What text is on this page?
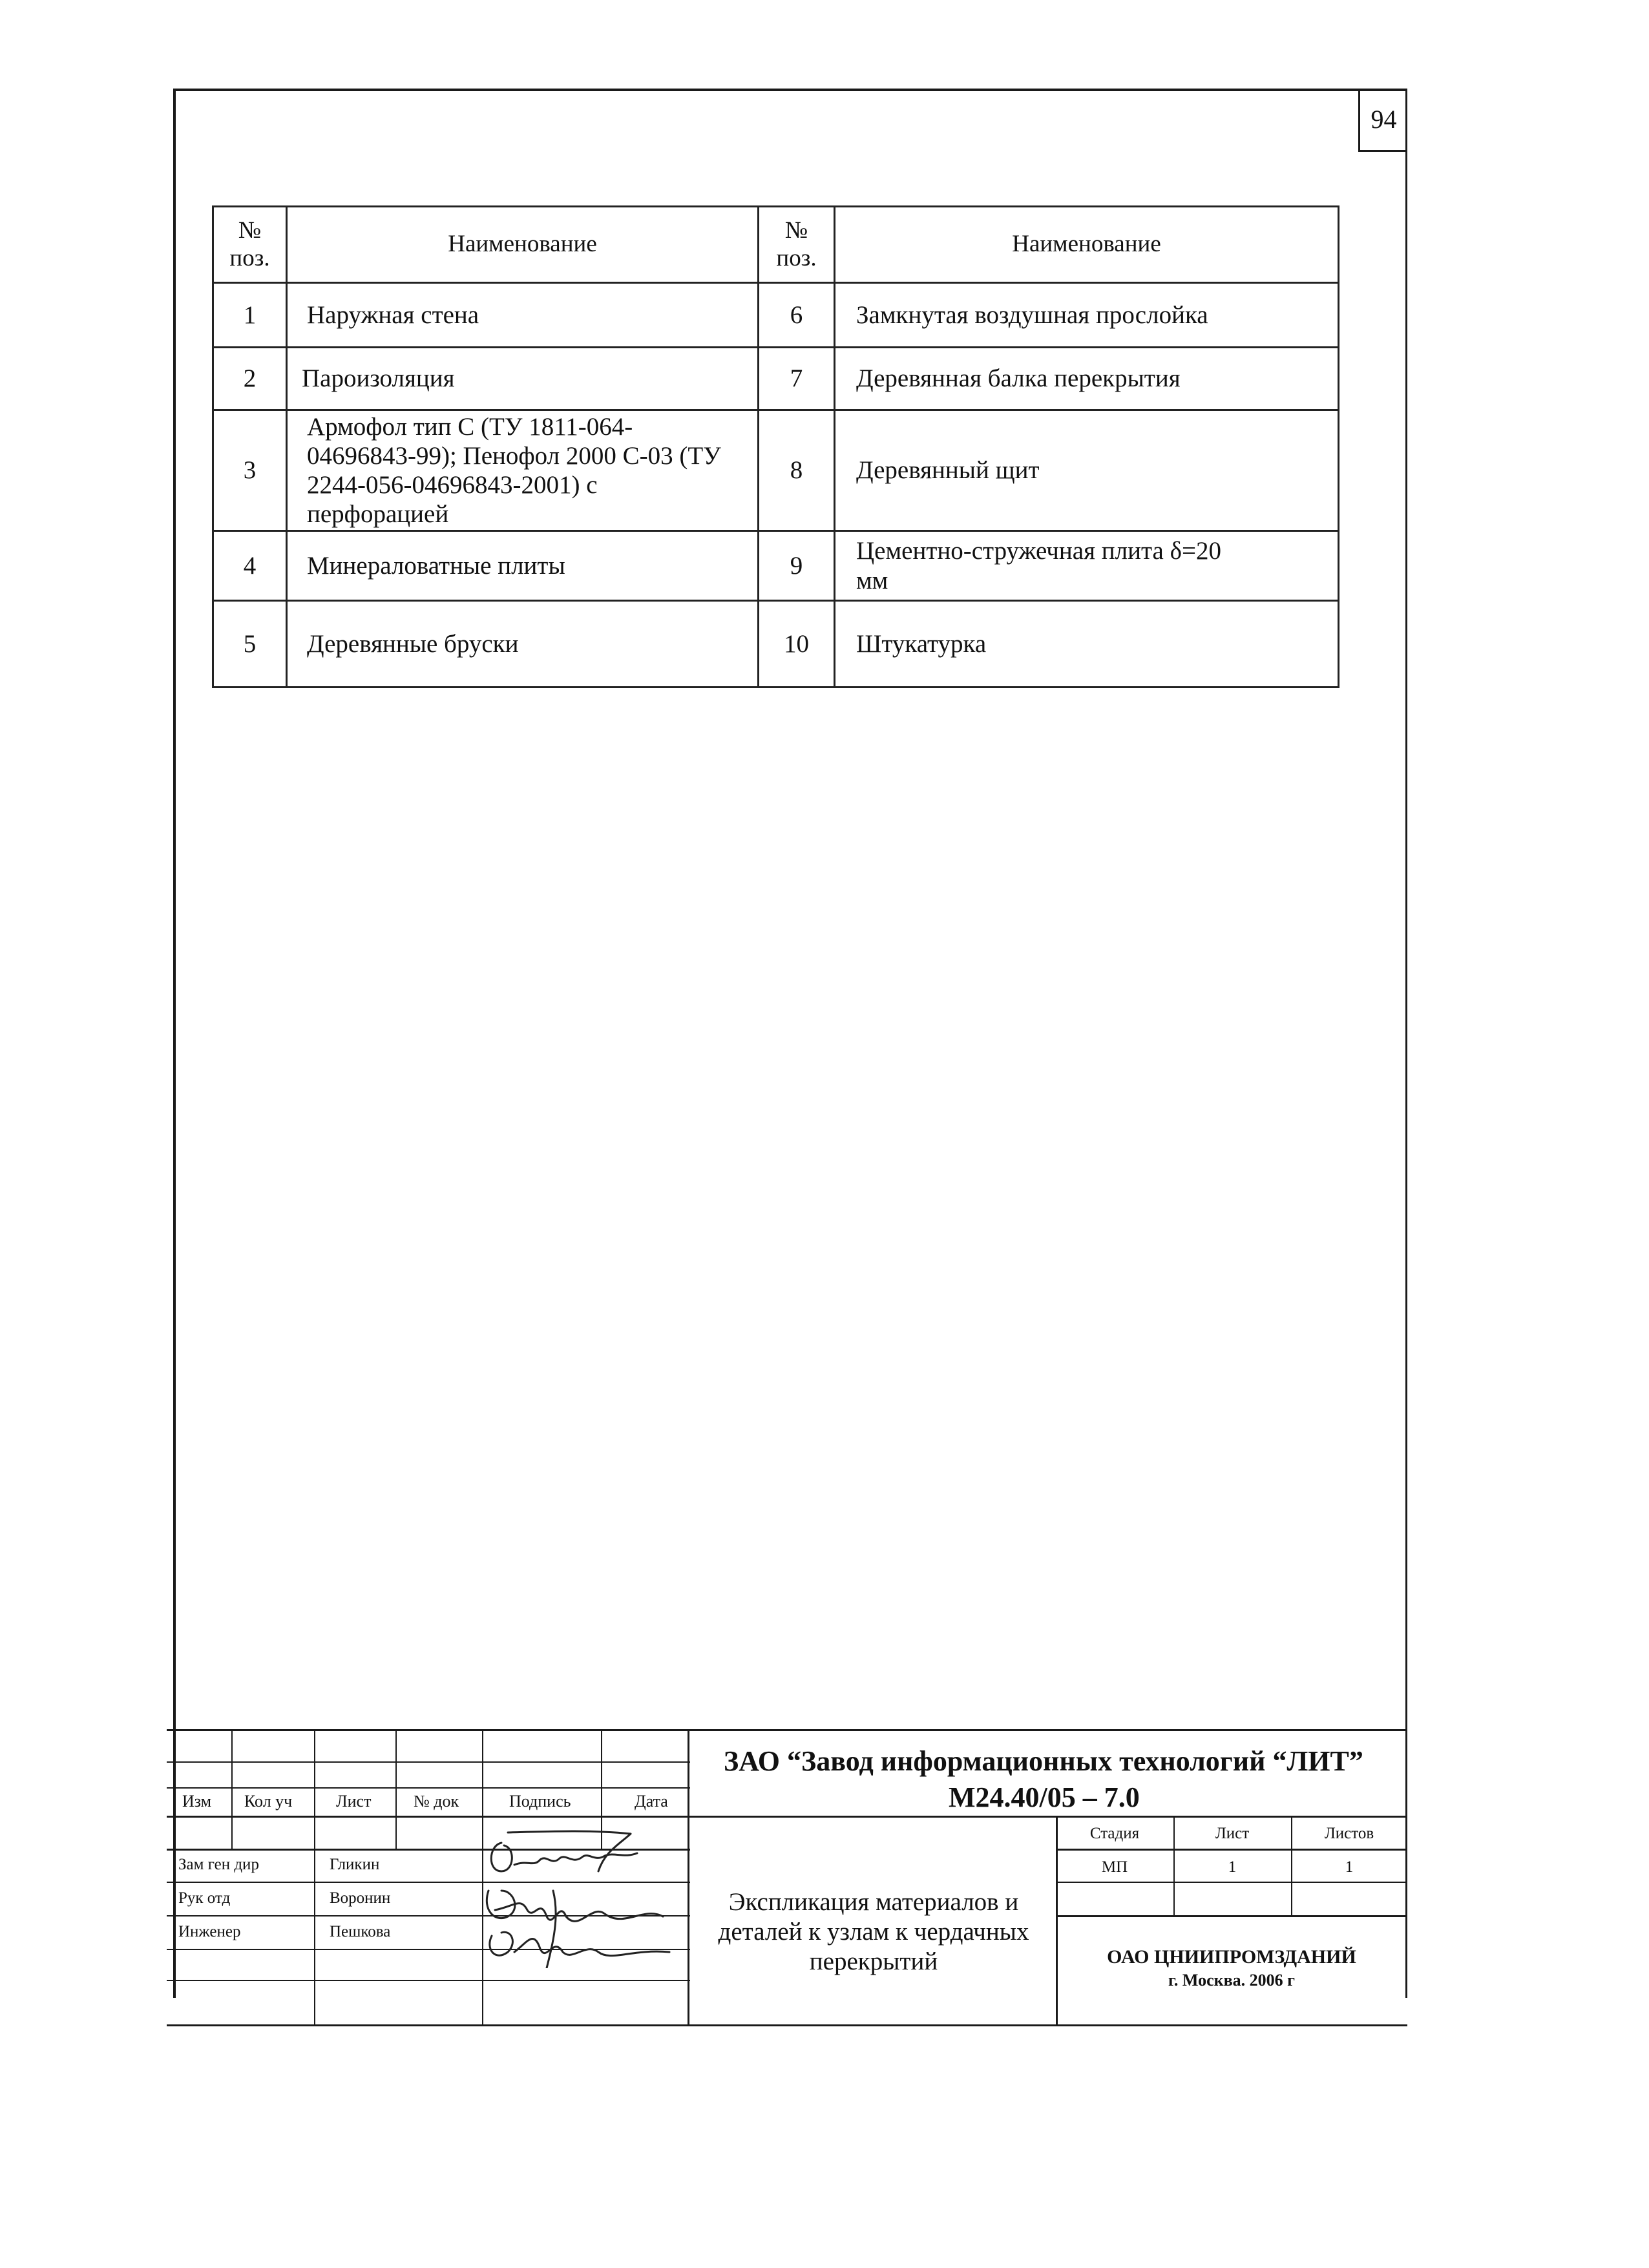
94
№
поз.	Наименование	№
поз.	Наименование
1	Наружная стена	6	Замкнутая воздушная прослойка
2	Пароизоляция	7	Деревянная балка перекрытия
3	Армофол тип С (ТУ 1811-064-
04696843-99); Пенофол 2000 С-03 (ТУ
2244-056-04696843-2001) с
перфорацией	8	Деревянный щит
4	Минераловатные плиты	9	Цементно-стружечная плита δ=20
мм
5	Деревянные бруски	10	Штукатурка
Изм Кол уч	Лист	№ док	Подпись	Дата
Зам ген дир	Гликин
Рук отд	Воронин
Инженер	Пешкова
ЗАО “Завод информационных технологий “ЛИТ”
М24.40/05 – 7.0
Экспликация материалов и
деталей к узлам к чердачных
перекрытий
Стадия	Лист	Листов
МП	1	1
ОАО ЦНИИПРОМЗДАНИЙ
г. Москва. 2006 г
